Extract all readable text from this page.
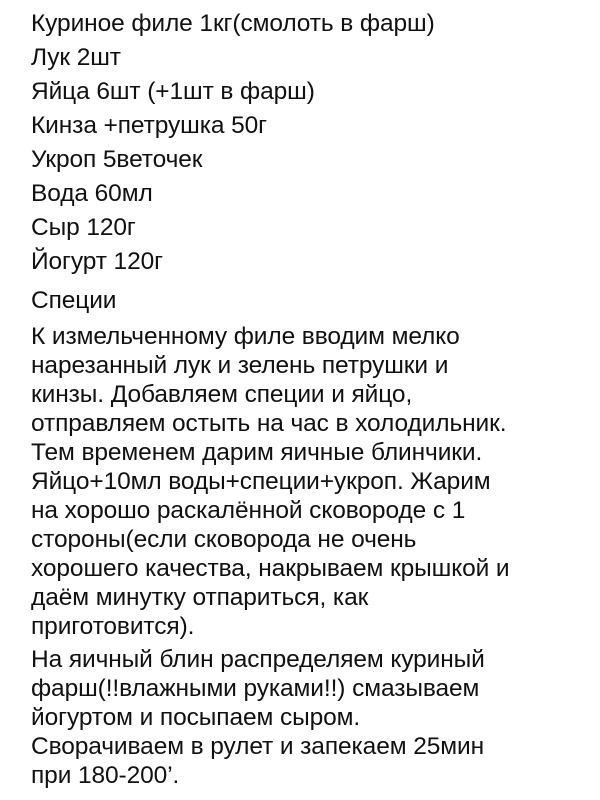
Куриное филе 1кг(смолоть в фарш)
Лук 2шт
Яйца 6шт (+1шт в фарш)
Кинза +петрушка 50г
Укроп 5веточек
Вода 60мл
Сыр 120г
Йогурт 120г
Специи

К измельченному филе вводим мелко
нарезанный лук и зелень петрушки и
кинзы. Добавляем специи и яйцо,
отправляем остыть на час в холодильник.
Тем временем дарим яичные блинчики.
Яйцо+10мл воды+специи+укроп. Жарим
на хорошо раскалённой сковороде с 1
стороны(если сковорода не очень
хорошего качества, накрываем крышкой и
даём минутку отпариться, как
приготовится).

На яичный блин распределяем куриный
фарш(!!влажными руками!!) смазываем
йогуртом и посыпаем сыром.
Сворачиваем в рулет и запекаем 25мин
при 180-200’.
